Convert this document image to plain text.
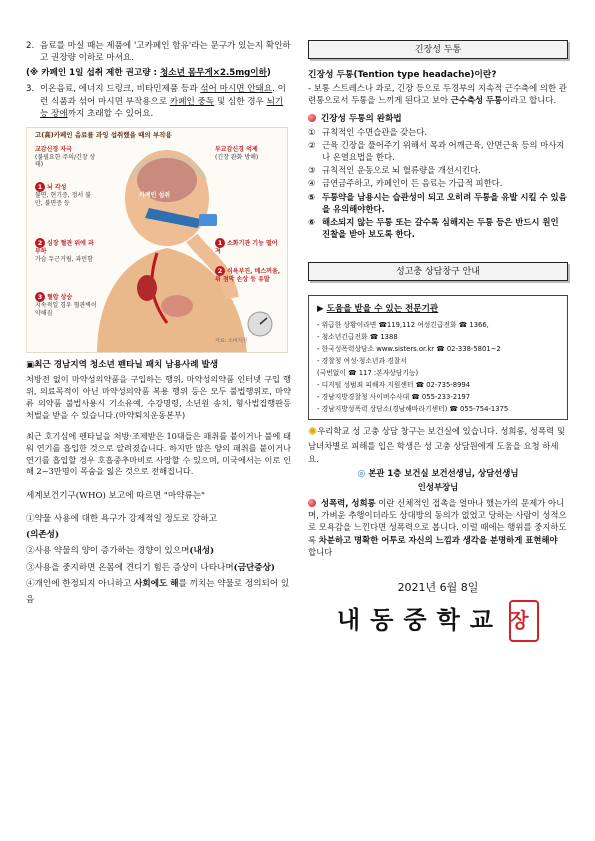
2. 음료를 마실 때는 제품에 '고카페인 함유'라는 문구가 있는지 확인하고 권장량 이하로 마셔요.
(※ 카페인 1일 섭취 제한 권고량 : 청소년 몸무게×2.5mg이하)
3. 이온음료, 에너지 드링크, 비타민제품 등과 섞어 마시면 안돼요. 이런 식품과 섞어 마시면 부작용으로 카페인 중독 및 심한 경우 뇌기능 장애까지 초래할 수 있어요.
고(高)카페인 음료를 과잉 섭취했을 때의 부작용
교감신경 자극
(불필요한 주의/긴장 상태)
1 뇌 각성
불면, 현기증, 정서 불안, 불면증 등
2 심장 혈관 위에 과부하
가슴 두근거림, 과민함
3 혈압 상승
지속적일 경우 혈관벽이 약해짐
부교감신경 억제
(긴장 완화 방해)
1 소화기관 기능 떨어져
2 식욕부진, 메스꺼움, 위 점막 손상 등 유발
카페인 섭취
자료: 소비자원
▣최근 경남지역 청소년 펜타닐 패치 남용사례 발생
처방전 없이 마약성의약품을 구입하는 행위, 마약성의약품 인터넷 구입 행위, 의료목적이 아닌 마약성의약품 복용 행위 등은 모두 불법행위로, 마약류 의약품 불법사용시 기소유예, 수강명령, 소년원 송치, 형사법집행판등 처벌을 받을 수 있습니다.(마약퇴치운동본부)
최근 호기심에 펜타닐을 처방·조제받은 10대들은 패취를 붙이거나 불에 태워 연기를 흡입한 것으로 알려졌습니다. 하지만 많은 양의 패취를 붙이거나 연기를 흡입할 경우 호흡중추마비로 사망할 수 있으며, 미국에서는 이로 인해 2~3만명이 목숨을 잃은 것으로 전해집니다.
세계보건기구(WHO) 보고에 따르면 "마약류는"
①약물 사용에 대한 욕구가 강제적일 정도로 강하고
(의존성)
②사용 약물의 양이 증가하는 경향이 있으며(내성)
③사용을 중지하면 온몸에 견디기 힘든 증상이 나타나며(금단증상)
④개인에 한정되지 아니하고 사회에도 해를 끼치는 약물로 정의되어 있음
긴장성 두통
긴장성 두통(Tention type headache)이란?
- 보통 스트레스나 과로, 긴장 등으로 두경부의 지속적 근수축에 의한 관련통으로서 두통을 느끼게 된다고 보아 근수축성 두통이라고 합니다.
긴장성 두통의 완화법
① 규칙적인 수면습관을 갖는다.
② 근육 긴장을 풀어주기 위해서 목과 어깨근육, 안면근육 등의 마사지나 온열요법을 한다.
③ 규칙적인 운동으로 뇌 혈류량을 개선시킨다.
④ 금연금주하고, 카페인이 든 음료는 가급적 피한다.
⑤ 두통약을 남용시는 습관성이 되고 오히려 두통을 유발 시킬 수 있음을 유의해야한다.
⑥ 해소되지 않는 두통 또는 갈수록 심해지는 두통 등은 반드시 원인 진찰을 받아 보도록 한다.
성고충 상담창구 안내
▶ 도움을 받을 수 있는 전문기관
- 위급한 상황이라면 ☎119,112 여성긴급전화 ☎ 1366,
- 청소년긴급전화 ☎ 1388
- 한국성폭력상담소 www.sisters.or.kr ☎ 02-338-5801~2
- 경찰청 여성·청소년과 경찰서
(국번없이 ☎ 117 :본자상담기능)
- 디지털 성범죄 피해자 지원센터 ☎ 02-735-8994
- 경남지방경찰청 사이버수사대 ☎ 055-233-2197
- 경남지방성폭력 상담소(경남해바라기센터) ☎ 055-754-1375
✺우리학교 성 고충 상담 창구는 보건실에 있습니다. 성희롱, 성폭력 및 남녀차별로 피해를 입은 학생은 성 고충 상담원에게 도움을 요청 하세요.
◎ 본관 1층 보건실 보건선생님, 상담선생님
인성부장님
성폭력, 성희롱 이란 신체적인 접촉을 얼마나 했는가의 문제가 아니며, 가벼운 추행이더라도 상대방의 동의가 없었고 당하는 사람이 성적으로 모욕감을 느낀다면 성폭력으로 봅니다. 이럴 때에는 행위를 중지하도록 차분하고 명확한 어투로 자신의 느낌과 생각을 분명하게 표현해야 합니다
2021년 6월 8일
내동중학교 장
